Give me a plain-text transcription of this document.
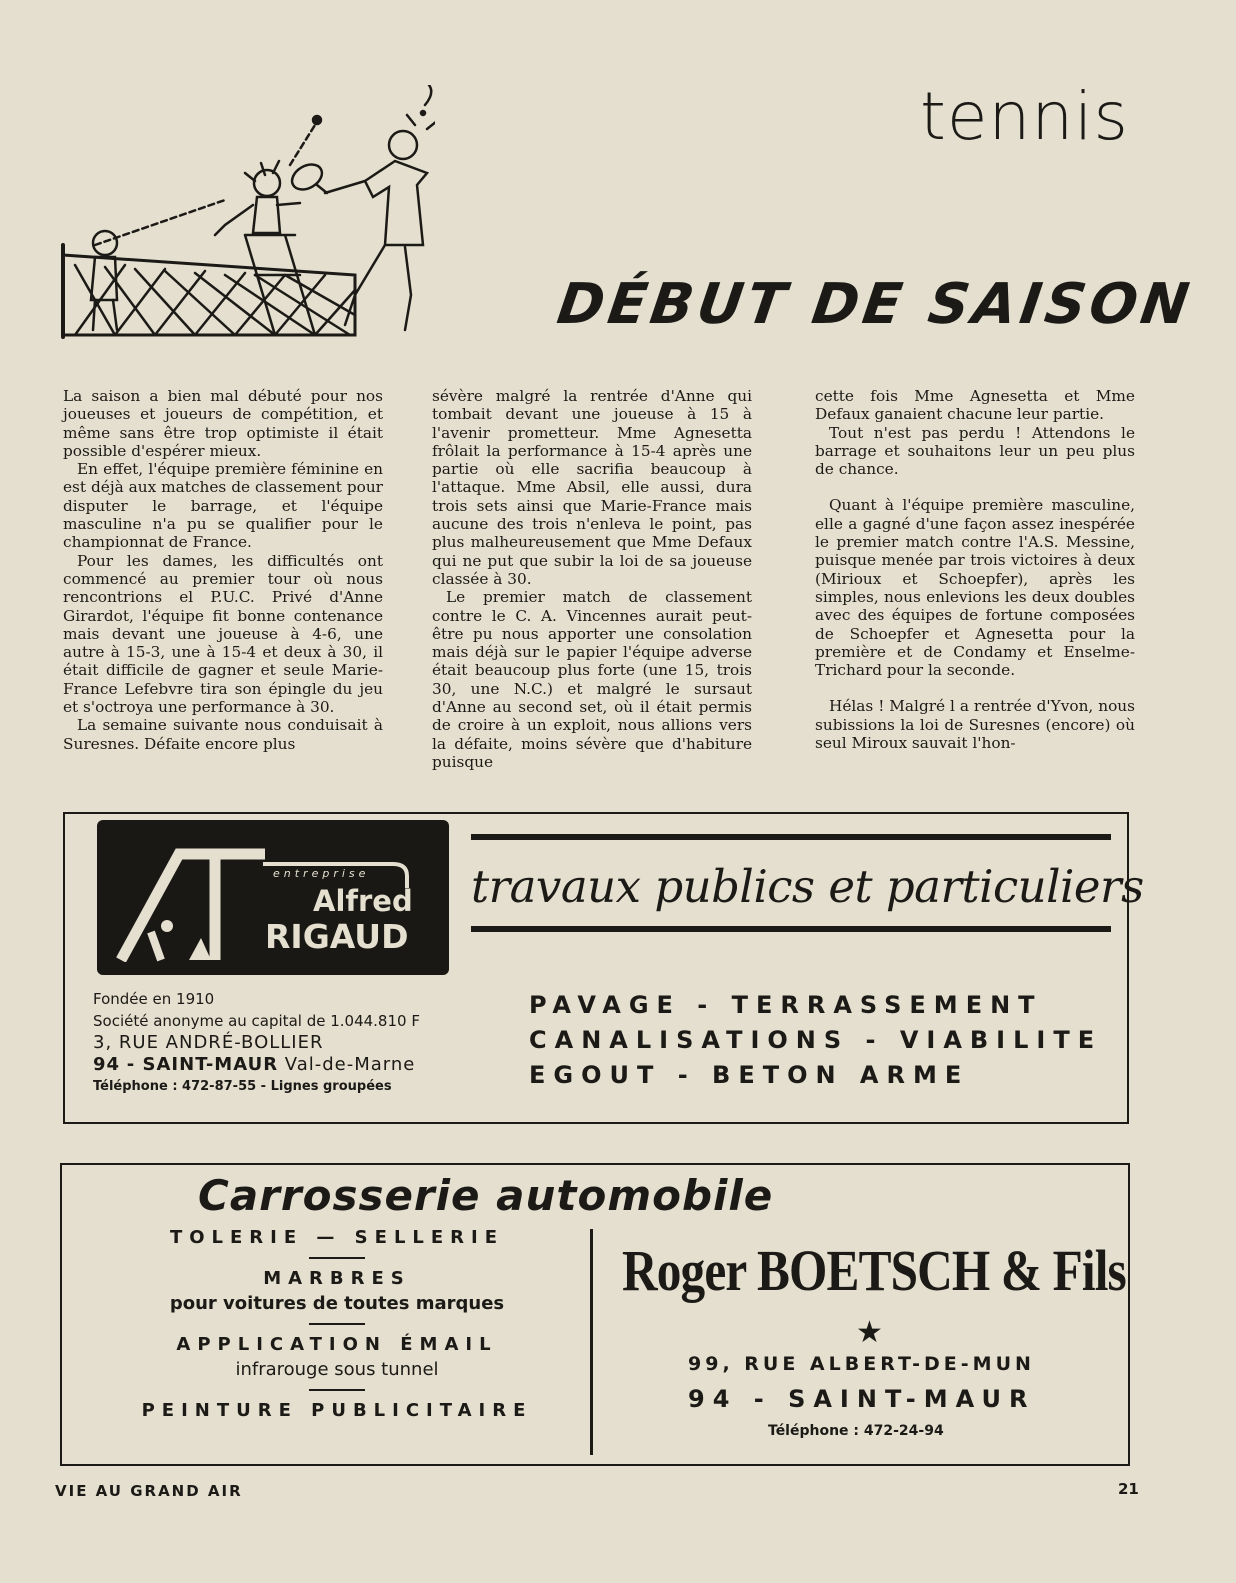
tennis
DÉBUT DE SAISON

La saison a bien mal débuté pour nos joueuses et joueurs de compétition, et même sans être trop optimiste il était possible d'espérer mieux.

En effet, l'équipe première féminine en est déjà aux matches de classement pour disputer le barrage, et l'équipe masculine n'a pu se qualifier pour le championnat de France.

Pour les dames, les difficultés ont commencé au premier tour où nous rencontrions el P.U.C. Privé d'Anne Girardot, l'équipe fit bonne contenance mais devant une joueuse à 4-6, une autre à 15-3, une à 15-4 et deux à 30, il était difficile de gagner et seule Marie-France Lefebvre tira son épingle du jeu et s'octroya une performance à 30.

La semaine suivante nous conduisait à Suresnes. Défaite encore plus

sévère malgré la rentrée d'Anne qui tombait devant une joueuse à 15 à l'avenir prometteur. Mme Agnesetta frôlait la performance à 15-4 après une partie où elle sacrifia beaucoup à l'attaque. Mme Absil, elle aussi, dura trois sets ainsi que Marie-France mais aucune des trois n'enleva le point, pas plus malheureusement que Mme Defaux qui ne put que subir la loi de sa joueuse classée à 30.

Le premier match de classement contre le C. A. Vincennes aurait peut-être pu nous apporter une consolation mais déjà sur le papier l'équipe adverse était beaucoup plus forte (une 15, trois 30, une N.C.) et malgré le sursaut d'Anne au second set, où il était permis de croire à un exploit, nous allions vers la défaite, moins sévère que d'habiture puisque

cette fois Mme Agnesetta et Mme Defaux ganaient chacune leur partie.

Tout n'est pas perdu ! Attendons le barrage et souhaitons leur un peu plus de chance.

Quant à l'équipe première masculine, elle a gagné d'une façon assez inespérée le premier match contre l'A.S. Messine, puisque menée par trois victoires à deux (Mirioux et Schoepfer), après les simples, nous enlevions les deux doubles avec des équipes de fortune composées de Schoepfer et Agnesetta pour la première et de Condamy et Enselme-Trichard pour la seconde.

Hélas ! Malgré l a rentrée d'Yvon, nous subissions la loi de Suresnes (encore) où seul Miroux sauvait l'hon-

entreprise
Alfred
RIGAUD
travaux publics et particuliers
Fondée en 1910
Société anonyme au capital de 1.044.810 F
3, RUE ANDRÉ-BOLLIER
94 - SAINT-MAUR Val-de-Marne
Téléphone : 472-87-55 - Lignes groupées
PAVAGE - TERRASSEMENT
CANALISATIONS - VIABILITE
EGOUT - BETON ARME
Carrosserie automobile
TOLERIE — SELLERIE
MARBRES
pour voitures de toutes marques
APPLICATION ÉMAIL
infrarouge sous tunnel
PEINTURE PUBLICITAIRE
Roger BOETSCH & Fils
★
99, RUE ALBERT-DE-MUN
94 - SAINT-MAUR
Téléphone : 472-24-94
VIE AU GRAND AIR	21
